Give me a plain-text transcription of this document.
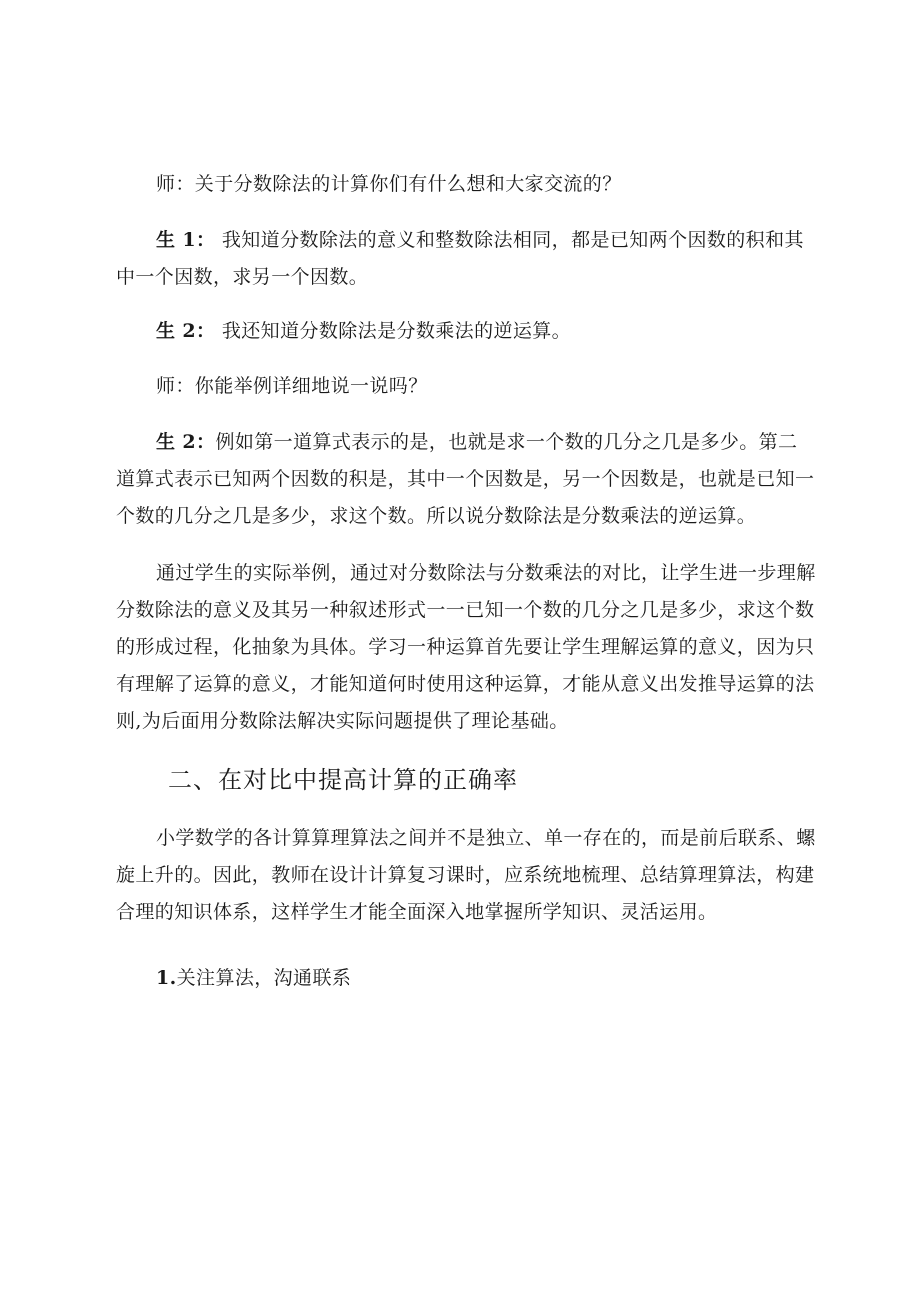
师：关于分数除法的计算你们有什么想和大家交流的？

生 1： 我知道分数除法的意义和整数除法相同，都是已知两个因数的积和其中一个因数，求另一个因数。

生 2： 我还知道分数除法是分数乘法的逆运算。

师：你能举例详细地说一说吗？

生 2：例如第一道算式表示的是，也就是求一个数的几分之几是多少。第二道算式表示已知两个因数的积是，其中一个因数是，另一个因数是，也就是已知一个数的几分之几是多少，求这个数。所以说分数除法是分数乘法的逆运算。

通过学生的实际举例，通过对分数除法与分数乘法的对比，让学生进一步理解分数除法的意义及其另一种叙述形式一一已知一个数的几分之几是多少，求这个数的形成过程，化抽象为具体。学习一种运算首先要让学生理解运算的意义，因为只有理解了运算的意义，才能知道何时使用这种运算，才能从意义出发推导运算的法则,为后面用分数除法解决实际问题提供了理论基础。

二、在对比中提高计算的正确率

小学数学的各计算算理算法之间并不是独立、单一存在的，而是前后联系、螺旋上升的。因此，教师在设计计算复习课时，应系统地梳理、总结算理算法，构建合理的知识体系，这样学生才能全面深入地掌握所学知识、灵活运用。

1.关注算法，沟通联系
